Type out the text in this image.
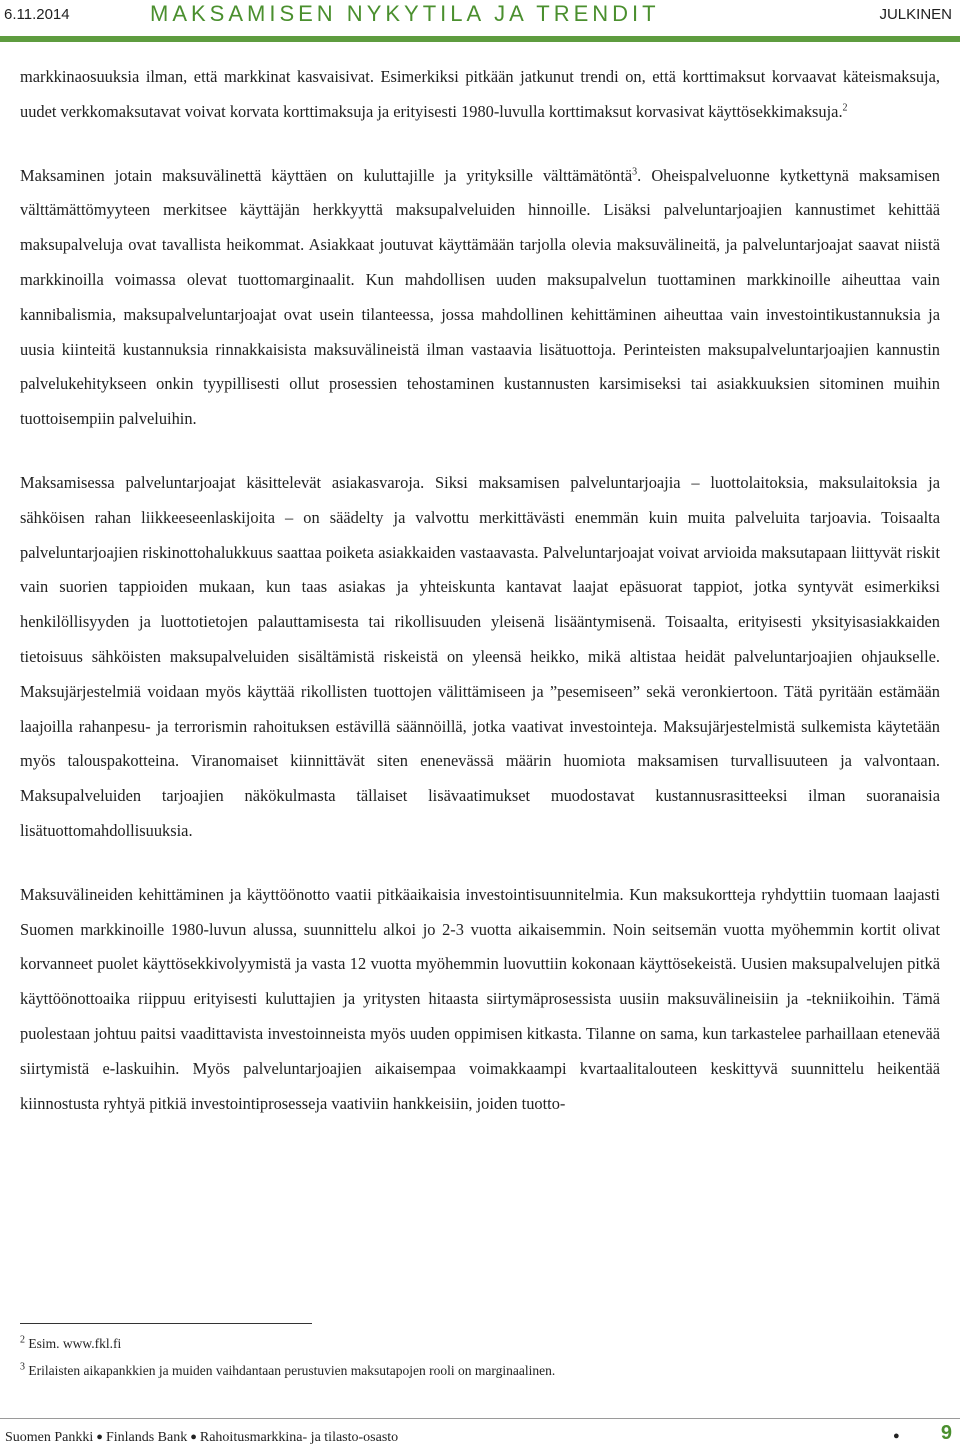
6.11.2014	MAKSAMISEN NYKYTILA JA TRENDIT	JULKINEN

markkinaosuuksia ilman, että markkinat kasvaisivat. Esimerkiksi pitkään jatkunut trendi on, että korttimaksut korvaavat käteismaksuja, uudet verkkomaksutavat voivat korvata korttimaksuja ja erityisesti 1980-luvulla korttimaksut korvasivat käyttösekkimaksuja.$^2$

Maksaminen jotain maksuvälinettä käyttäen on kuluttajille ja yrityksille välttämätöntä$^3$. Oheispalveluonne kytkettynä maksamisen välttämättömyyteen merkitsee käyttäjän herkkyyttä maksupalveluiden hinnoille. Lisäksi palveluntarjoajien kannustimet kehittää maksupalveluja ovat tavallista heikommat. Asiakkaat joutuvat käyttämään tarjolla olevia maksuvälineitä, ja palveluntarjoajat saavat niistä markkinoilla voimassa olevat tuottomarginaalit. Kun mahdollisen uuden maksupalvelun tuottaminen markkinoille aiheuttaa vain kannibalismia, maksupalveluntarjoajat ovat usein tilanteessa, jossa mahdollinen kehittäminen aiheuttaa vain investointikustannuksia ja uusia kiinteitä kustannuksia rinnakkaisista maksuvälineistä ilman vastaavia lisätuottoja. Perinteisten maksupalveluntarjoajien kannustin palvelukehitykseen onkin tyypillisesti ollut prosessien tehostaminen kustannusten karsimiseksi tai asiakkuuksien sitominen muihin tuottoisempiin palveluihin.

Maksamisessa palveluntarjoajat käsittelevät asiakasvaroja. Siksi maksamisen palveluntarjoajia – luottolaitoksia, maksulaitoksia ja sähköisen rahan liikkeeseenlaskijoita – on säädelty ja valvottu merkittävästi enemmän kuin muita palveluita tarjoavia. Toisaalta palveluntarjoajien riskinottohalukkuus saattaa poiketa asiakkaiden vastaavasta. Palveluntarjoajat voivat arvioida maksutapaan liittyvät riskit vain suorien tappioiden mukaan, kun taas asiakas ja yhteiskunta kantavat laajat epäsuorat tappiot, jotka syntyvät esimerkiksi henkilöllisyyden ja luottotietojen palauttamisesta tai rikollisuuden yleisenä lisääntymisenä. Toisaalta, erityisesti yksityisasiakkaiden tietoisuus sähköisten maksupalveluiden sisältämistä riskeistä on yleensä heikko, mikä altistaa heidät palveluntarjoajien ohjaukselle. Maksujärjestelmiä voidaan myös käyttää rikollisten tuottojen välittämiseen ja ”pesemiseen” sekä veronkiertoon. Tätä pyritään estämään laajoilla rahanpesu- ja terrorismin rahoituksen estävillä säännöillä, jotka vaativat investointeja. Maksujärjestelmistä sulkemista käytetään myös talouspakotteina. Viranomaiset kiinnittävät siten enenevässä määrin huomiota maksamisen turvallisuuteen ja valvontaan. Maksupalveluiden tarjoajien näkökulmasta tällaiset lisävaatimukset muodostavat kustannusrasitteeksi ilman suoranaisia lisätuottomahdollisuuksia.

Maksuvälineiden kehittäminen ja käyttöönotto vaatii pitkäaikaisia investointisuunnitelmia. Kun maksukortteja ryhdyttiin tuomaan laajasti Suomen markkinoille 1980-luvun alussa, suunnittelu alkoi jo 2-3 vuotta aikaisemmin. Noin seitsemän vuotta myöhemmin kortit olivat korvanneet puolet käyttösekkivolyymistä ja vasta 12 vuotta myöhemmin luovuttiin kokonaan käyttösekeistä. Uusien maksupalvelujen pitkä käyttöönottoaika riippuu erityisesti kuluttajien ja yritysten hitaasta siirtymäprosessista uusiin maksuvälineisiin ja -tekniikoihin. Tämä puolestaan johtuu paitsi vaadittavista investoinneista myös uuden oppimisen kitkasta. Tilanne on sama, kun tarkastelee parhaillaan etenevää siirtymistä e-laskuihin. Myös palveluntarjoajien aikaisempaa voimakkaampi kvartaalitalouteen keskittyvä suunnittelu heikentää kiinnostusta ryhtyä pitkiä investointiprosesseja vaativiin hankkeisiin, joiden tuotto-

$^2$ Esim. www.fkl.fi

$^3$ Erilaisten aikapankkien ja muiden vaihdantaan perustuvien maksutapojen rooli on marginaalinen.

Suomen Pankki ● Finlands Bank ● Rahoitusmarkkina- ja tilasto-osasto	● 9
